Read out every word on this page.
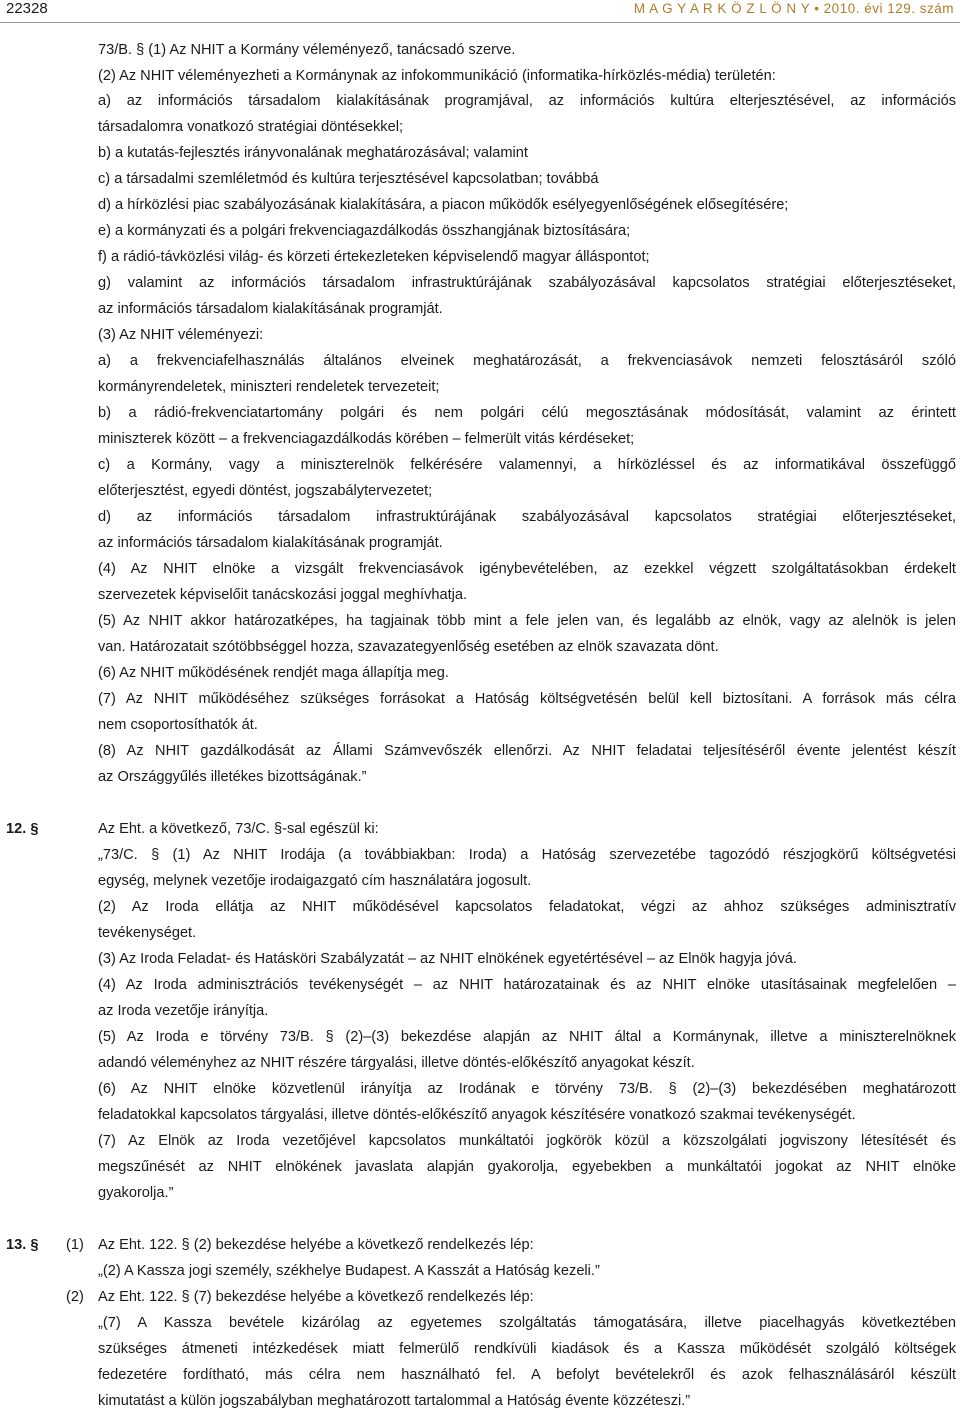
22328	M A G Y A R K Ö Z L Ö N Y • 2010. évi 129. szám
73/B. § (1) Az NHIT a Kormány véleményező, tanácsadó szerve.
(2) Az NHIT véleményezheti a Kormánynak az infokommunikáció (informatika-hírközlés-média) területén:
a) az információs társadalom kialakításának programjával, az információs kultúra elterjesztésével, az információs
társadalomra vonatkozó stratégiai döntésekkel;
b) a kutatás-fejlesztés irányvonalának meghatározásával; valamint
c) a társadalmi szemléletmód és kultúra terjesztésével kapcsolatban; továbbá
d) a hírközlési piac szabályozásának kialakítására, a piacon működők esélyegyenlőségének elősegítésére;
e) a kormányzati és a polgári frekvenciagazdálkodás összhangjának biztosítására;
f) a rádió-távközlési világ- és körzeti értekezleteken képviselendő magyar álláspontot;
g) valamint az információs társadalom infrastruktúrájának szabályozásával kapcsolatos stratégiai előterjesztéseket,
az információs társadalom kialakításának programját.
(3) Az NHIT véleményezi:
a) a frekvenciafelhasználás általános elveinek meghatározását, a frekvenciasávok nemzeti felosztásáról szóló
kormányrendeletek, miniszteri rendeletek tervezeteit;
b) a rádió-frekvenciatartomány polgári és nem polgári célú megosztásának módosítását, valamint az érintett
miniszterek között – a frekvenciagazdálkodás körében – felmerült vitás kérdéseket;
c) a Kormány, vagy a miniszterelnök felkérésére valamennyi, a hírközléssel és az informatikával összefüggő
előterjesztést, egyedi döntést, jogszabálytervezetet;
d) az információs társadalom infrastruktúrájának szabályozásával kapcsolatos stratégiai előterjesztéseket,
az információs társadalom kialakításának programját.
(4) Az NHIT elnöke a vizsgált frekvenciasávok igénybevételében, az ezekkel végzett szolgáltatásokban érdekelt
szervezetek képviselőit tanácskozási joggal meghívhatja.
(5) Az NHIT akkor határozatképes, ha tagjainak több mint a fele jelen van, és legalább az elnök, vagy az alelnök is jelen
van. Határozatait szótöbbséggel hozza, szavazategyenlőség esetében az elnök szavazata dönt.
(6) Az NHIT működésének rendjét maga állapítja meg.
(7) Az NHIT működéséhez szükséges forrásokat a Hatóság költségvetésén belül kell biztosítani. A források más célra
nem csoportosíthatók át.
(8) Az NHIT gazdálkodását az Állami Számvevőszék ellenőrzi. Az NHIT feladatai teljesítéséről évente jelentést készít
az Országgyűlés illetékes bizottságának.”
12. §	Az Eht. a következő, 73/C. §-sal egészül ki:
„73/C. § (1) Az NHIT Irodája (a továbbiakban: Iroda) a Hatóság szervezetébe tagozódó részjogkörű költségvetési
egység, melynek vezetője irodaigazgató cím használatára jogosult.
(2) Az Iroda ellátja az NHIT működésével kapcsolatos feladatokat, végzi az ahhoz szükséges adminisztratív
tevékenységet.
(3) Az Iroda Feladat- és Hatásköri Szabályzatát – az NHIT elnökének egyetértésével – az Elnök hagyja jóvá.
(4) Az Iroda adminisztrációs tevékenységét – az NHIT határozatainak és az NHIT elnöke utasításainak megfelelően –
az Iroda vezetője irányítja.
(5) Az Iroda e törvény 73/B. § (2)–(3) bekezdése alapján az NHIT által a Kormánynak, illetve a miniszterelnöknek
adandó véleményhez az NHIT részére tárgyalási, illetve döntés-előkészítő anyagokat készít.
(6) Az NHIT elnöke közvetlenül irányítja az Irodának e törvény 73/B. § (2)–(3) bekezdésében meghatározott
feladatokkal kapcsolatos tárgyalási, illetve döntés-előkészítő anyagok készítésére vonatkozó szakmai tevékenységét.
(7) Az Elnök az Iroda vezetőjével kapcsolatos munkáltatói jogkörök közül a közszolgálati jogviszony létesítését és
megszűnését az NHIT elnökének javaslata alapján gyakorolja, egyebekben a munkáltatói jogokat az NHIT elnöke
gyakorolja.”
13. § (1) Az Eht. 122. § (2) bekezdése helyébe a következő rendelkezés lép:
„(2) A Kassza jogi személy, székhelye Budapest. A Kasszát a Hatóság kezeli.”
(2) Az Eht. 122. § (7) bekezdése helyébe a következő rendelkezés lép:
„(7) A Kassza bevétele kizárólag az egyetemes szolgáltatás támogatására, illetve piacelhagyás következtében
szükséges átmeneti intézkedések miatt felmerülő rendkívüli kiadások és a Kassza működését szolgáló költségek
fedezetére fordítható, más célra nem használható fel. A befolyt bevételekről és azok felhasználásáról készült
kimutatást a külön jogszabályban meghatározott tartalommal a Hatóság évente közzéteszi.”
